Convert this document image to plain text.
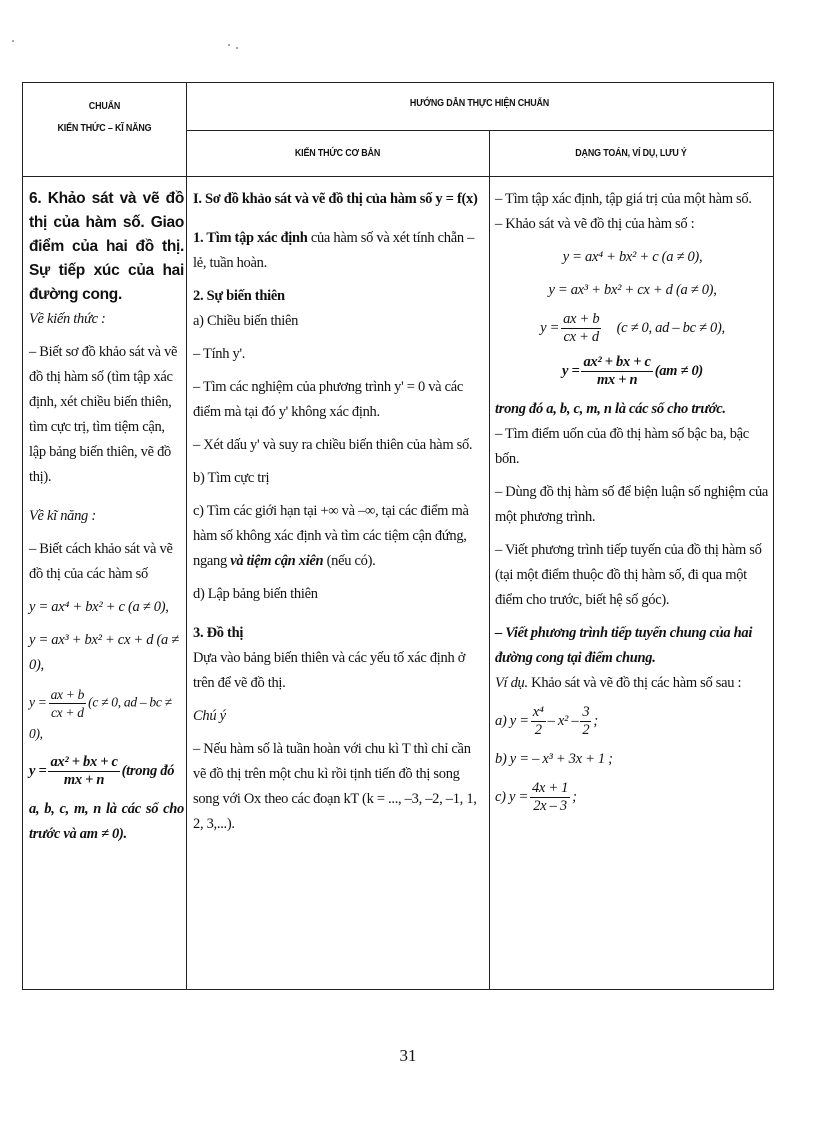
CHUẨN
KIẾN THỨC – KĨ NĂNG
HƯỚNG DẪN THỰC HIỆN CHUẨN
KIẾN THỨC CƠ BẢN	DẠNG TOÁN, VÍ DỤ, LƯU Ý

6. Khảo sát và vẽ đồ thị của hàm số. Giao điểm của hai đồ thị. Sự tiếp xúc của hai đường cong.

Về kiến thức :

– Biết sơ đồ khảo sát và vẽ đồ thị hàm số (tìm tập xác định, xét chiều biến thiên, tìm cực trị, tìm tiệm cận, lập bảng biến thiên, vẽ đồ thị).

Về kĩ năng :

– Biết cách khảo sát và vẽ đồ thị của các hàm số

y = ax⁴ + bx² + c (a ≠ 0),

y = ax³ + bx² + cx + d (a ≠ 0),

$y = \frac{ax + b}{cx + d} (c \ne 0$, ad – bc ≠ 0),

$y = \frac{\text{ax² + bx + c}}{mx + n}$ (trong đó

a, b, c, m, n là các số cho trước và am ≠ 0).

I. Sơ đồ khảo sát và vẽ đồ thị của hàm số y = f(x)

1. Tìm tập xác định của hàm số và xét tính chẵn – lẻ, tuần hoàn.

2. Sự biến thiên

a) Chiều biến thiên

– Tính y'.

– Tìm các nghiệm của phương trình y' = 0 và các điểm mà tại đó y' không xác định.

– Xét dấu y' và suy ra chiều biến thiên của hàm số.

b) Tìm cực trị

c) Tìm các giới hạn tại +∞ và –∞, tại các điểm mà hàm số không xác định và tìm các tiệm cận đứng, ngang và tiệm cận xiên (nếu có).

d) Lập bảng biến thiên

3. Đồ thị

Dựa vào bảng biến thiên và các yếu tố xác định ở trên để vẽ đồ thị.

Chú ý

– Nếu hàm số là tuần hoàn với chu kì T thì chỉ cần vẽ đồ thị trên một chu kì rồi tịnh tiến đồ thị song song với Ox theo các đoạn kT (k = ..., –3, –2, –1, 1, 2, 3,...).

– Tìm tập xác định, tập giá trị của một hàm số.

– Khảo sát và vẽ đồ thị của hàm số :

y = ax⁴ + bx² + c (a ≠ 0),

y = ax³ + bx² + cx + d (a ≠ 0),

$y = \frac{ax + b}{cx + d} (c \ne 0$, ad – bc ≠ 0),

$y = \frac{\text{ax² + bx + c}}{mx + n} (am \ne 0)$

trong đó a, b, c, m, n là các số cho trước.

– Tìm điểm uốn của đồ thị hàm số bậc ba, bậc bốn.

– Dùng đồ thị hàm số để biện luận số nghiệm của một phương trình.

– Viết phương trình tiếp tuyến của đồ thị hàm số (tại một điểm thuộc đồ thị hàm số, đi qua một điểm cho trước, biết hệ số góc).

– Viết phương trình tiếp tuyến chung của hai đường cong tại điểm chung.

Ví dụ. Khảo sát và vẽ đồ thị các hàm số sau :

a) $y = \frac{\text{x⁴}}{2} - x^2 - \frac{3}{2}$ ;

b) y = – x³ + 3x + 1 ;

c) $y = \frac{4x + 1}{2x - 3}$ ;

31
